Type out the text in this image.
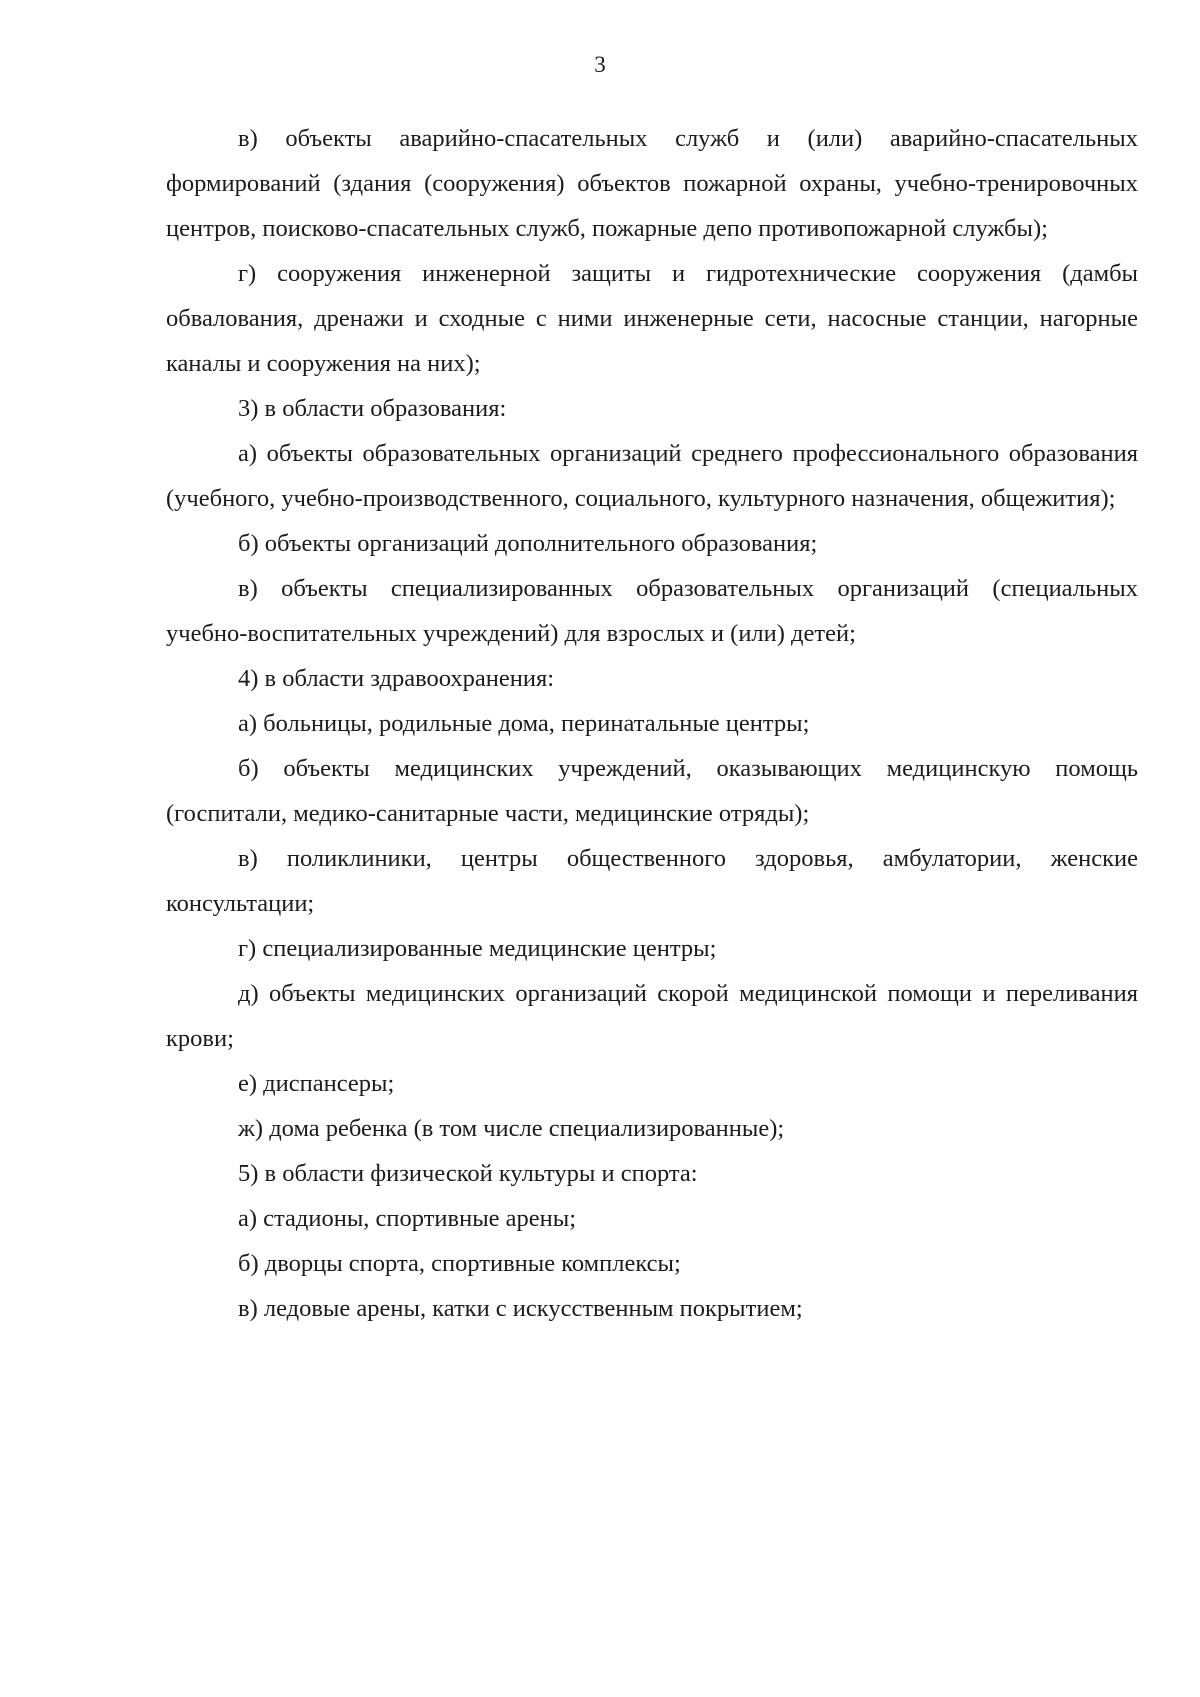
3

в) объекты аварийно-спасательных служб и (или) аварийно-спасательных формирований (здания (сооружения) объектов пожарной охраны, учебно-тренировочных центров, поисково-спасательных служб, пожарные депо противопожарной службы);

г) сооружения инженерной защиты и гидротехнические сооружения (дамбы обвалования, дренажи и сходные с ними инженерные сети, насосные станции, нагорные каналы и сооружения на них);

3) в области образования:

а) объекты образовательных организаций среднего профессионального образования (учебного, учебно-производственного, социального, культурного назначения, общежития);

б) объекты организаций дополнительного образования;

в) объекты специализированных образовательных организаций (специальных учебно-воспитательных учреждений) для взрослых и (или) детей;

4) в области здравоохранения:

а) больницы, родильные дома, перинатальные центры;

б) объекты медицинских учреждений, оказывающих медицинскую помощь (госпитали, медико-санитарные части, медицинские отряды);

в) поликлиники, центры общественного здоровья, амбулатории, женские консультации;

г) специализированные медицинские центры;

д) объекты медицинских организаций скорой медицинской помощи и переливания крови;

е) диспансеры;

ж) дома ребенка (в том числе специализированные);

5) в области физической культуры и спорта:

а) стадионы, спортивные арены;

б) дворцы спорта, спортивные комплексы;

в) ледовые арены, катки с искусственным покрытием;
